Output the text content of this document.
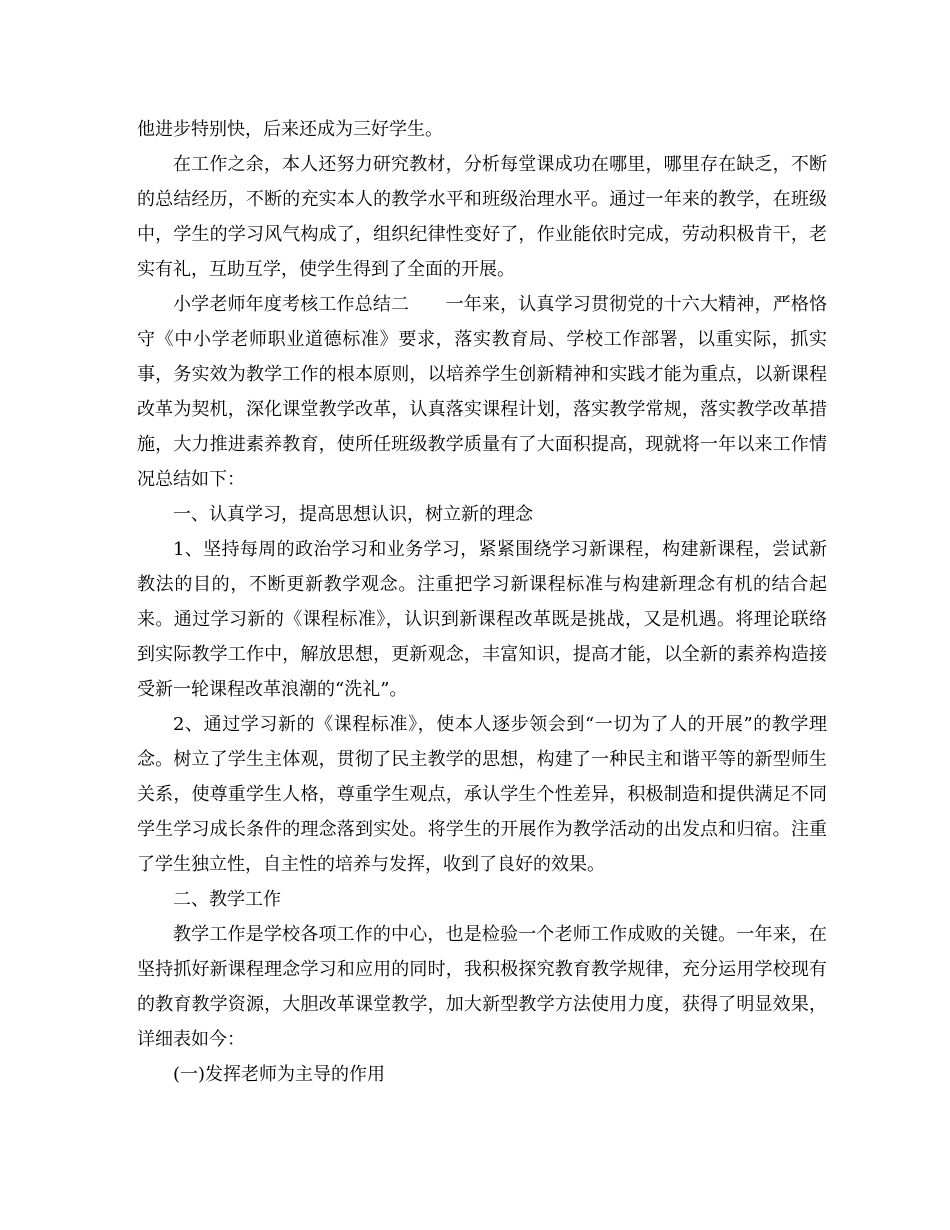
他进步特别快，后来还成为三好学生。

在工作之余，本人还努力研究教材，分析每堂课成功在哪里，哪里存在缺乏，不断的总结经历，不断的充实本人的教学水平和班级治理水平。通过一年来的教学，在班级中，学生的学习风气构成了，组织纪律性变好了，作业能依时完成，劳动积极肯干，老实有礼，互助互学，使学生得到了全面的开展。

小学老师年度考核工作总结二　　一年来，认真学习贯彻党的十六大精神，严格恪守《中小学老师职业道德标准》要求，落实教育局、学校工作部署，以重实际，抓实事，务实效为教学工作的根本原则，以培养学生创新精神和实践才能为重点，以新课程改革为契机，深化课堂教学改革，认真落实课程计划，落实教学常规，落实教学改革措施，大力推进素养教育，使所任班级教学质量有了大面积提高，现就将一年以来工作情况总结如下：

一、认真学习，提高思想认识，树立新的理念

1、坚持每周的政治学习和业务学习，紧紧围绕学习新课程，构建新课程，尝试新教法的目的，不断更新教学观念。注重把学习新课程标准与构建新理念有机的结合起来。通过学习新的《课程标准》，认识到新课程改革既是挑战，又是机遇。将理论联络到实际教学工作中，解放思想，更新观念，丰富知识，提高才能，以全新的素养构造接受新一轮课程改革浪潮的“洗礼”。

2、通过学习新的《课程标准》，使本人逐步领会到“一切为了人的开展”的教学理念。树立了学生主体观，贯彻了民主教学的思想，构建了一种民主和谐平等的新型师生关系，使尊重学生人格，尊重学生观点，承认学生个性差异，积极制造和提供满足不同学生学习成长条件的理念落到实处。将学生的开展作为教学活动的出发点和归宿。注重了学生独立性，自主性的培养与发挥，收到了良好的效果。

二、教学工作

教学工作是学校各项工作的中心，也是检验一个老师工作成败的关键。一年来，在坚持抓好新课程理念学习和应用的同时，我积极探究教育教学规律，充分运用学校现有的教育教学资源，大胆改革课堂教学，加大新型教学方法使用力度，获得了明显效果，详细表如今：

(一)发挥老师为主导的作用
